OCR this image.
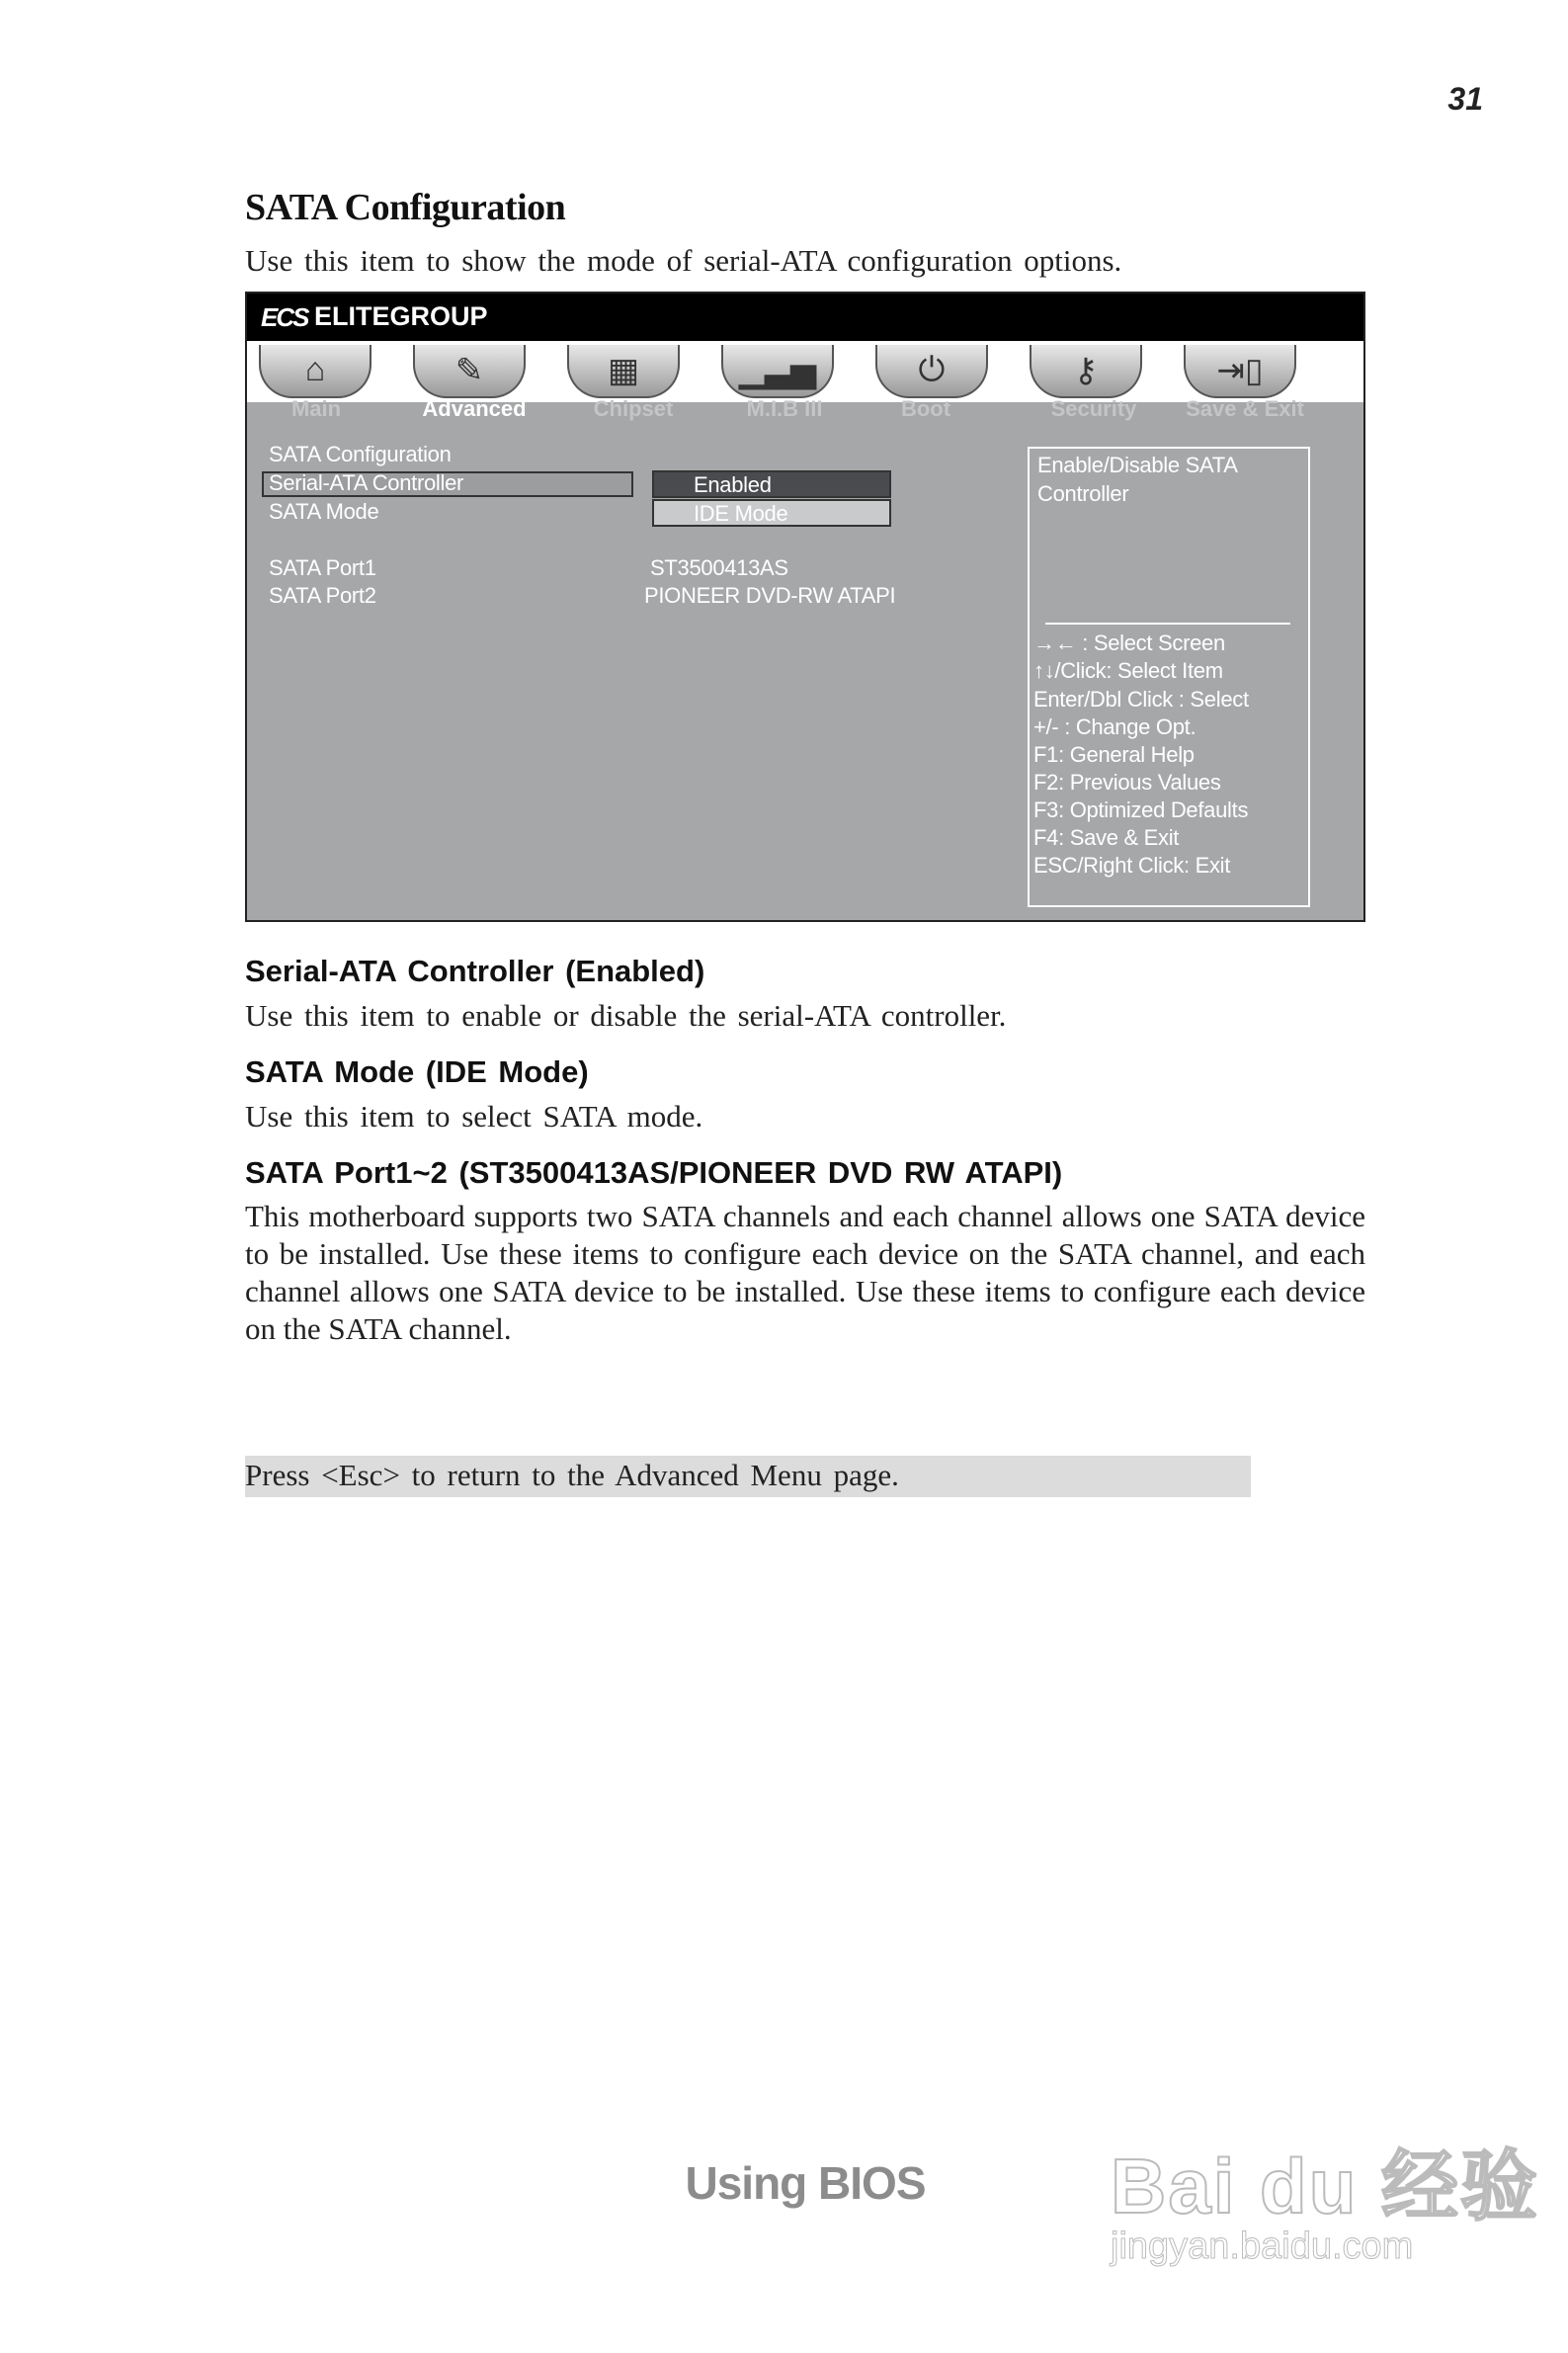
31
SATA Configuration
Use this item to show the mode of serial-ATA configuration options.
ECS ELITEGROUP
⌂	✎	▦	▁▃▅	⏻	⚷	⇥▯
Main	Advanced	Chipset	M.I.B III	Boot	Security	Save & Exit
SATA Configuration
Serial-ATA Controller	Enabled
SATA Mode	IDE Mode
SATA Port1	ST3500413AS
SATA Port2	PIONEER DVD-RW ATAPI
Enable/Disable SATA
Controller
→← : Select Screen
↑↓/Click: Select Item
Enter/Dbl Click : Select
+/- : Change Opt.
F1: General Help
F2: Previous Values
F3: Optimized Defaults
F4: Save & Exit
ESC/Right Click: Exit
Serial-ATA Controller (Enabled)
Use this item to enable or disable the serial-ATA controller.
SATA Mode (IDE Mode)
Use this item to select SATA mode.
SATA Port1~2 (ST3500413AS/PIONEER DVD RW ATAPI)
This motherboard supports two SATA channels and each channel allows one SATA device to be installed. Use these items to configure each device on the SATA channel, and each channel allows one SATA device to be installed. Use these items to configure each device on the SATA channel.
Press <Esc> to return to the Advanced Menu page.
Using BIOS	Bai du 经验
jingyan.baidu.com
